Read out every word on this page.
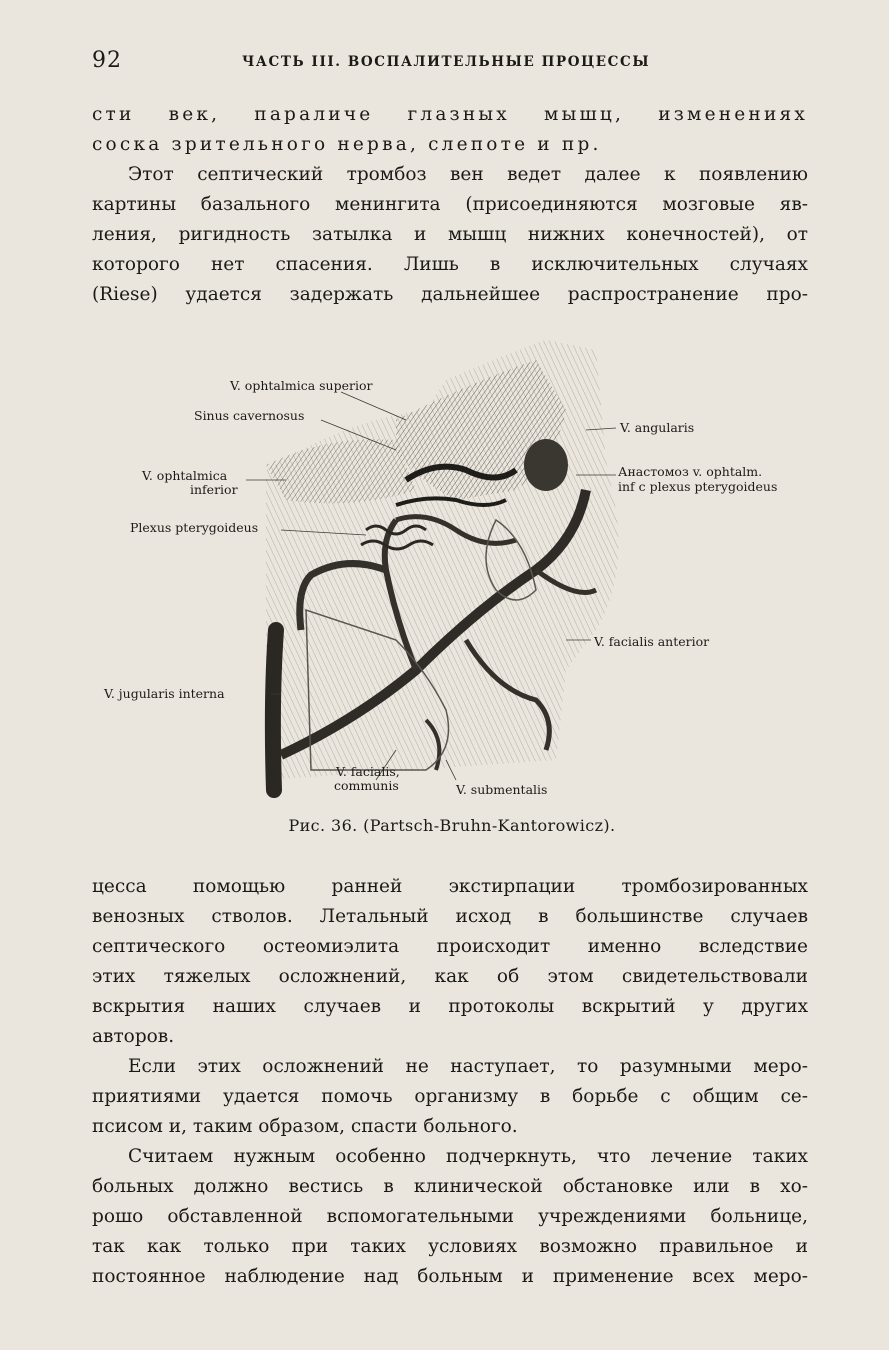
92	ЧАСТЬ III. ВОСПАЛИТЕЛЬНЫЕ ПРОЦЕССЫ
сти век, параличе глазных мышц, изменениях
соска зрительного нерва, слепоте и пр.
Этот септический тромбоз вен ведет далее к появлению
картины базального менингита (присоединяются мозговые яв-
ления, ригидность затылка и мышц нижних конечностей), от
которого нет спасения. Лишь в исключительных случаях
(Riese) удается задержать дальнейшее распространение про-
V. ophtalmica superior
Sinus cavernosus
V. ophtalmica
inferior
Plexus pterygoideus
V. jugularis interna
V. facialis,
communis	V. submentalis
V. angularis
Анастомоз v. ophtalm.
inf c plexus pterygoideus
V. facialis anterior
Рис. 36. (Partsch-Bruhn-Kantorowicz).
цесса помощью ранней экстирпации тромбозированных
венозных стволов. Летальный исход в большинстве случаев
септического остеомиэлита происходит именно вследствие
этих тяжелых осложнений, как об этом свидетельствовали
вскрытия наших случаев и протоколы вскрытий у других
авторов.
Если этих осложнений не наступает, то разумными меро-
приятиями удается помочь организму в борьбе с общим се-
псисом и, таким образом, спасти больного.
Считаем нужным особенно подчеркнуть, что лечение таких
больных должно вестись в клинической обстановке или в хо-
рошо обставленной вспомогательными учреждениями больнице,
так как только при таких условиях возможно правильное и
постоянное наблюдение над больным и применение всех меро-
